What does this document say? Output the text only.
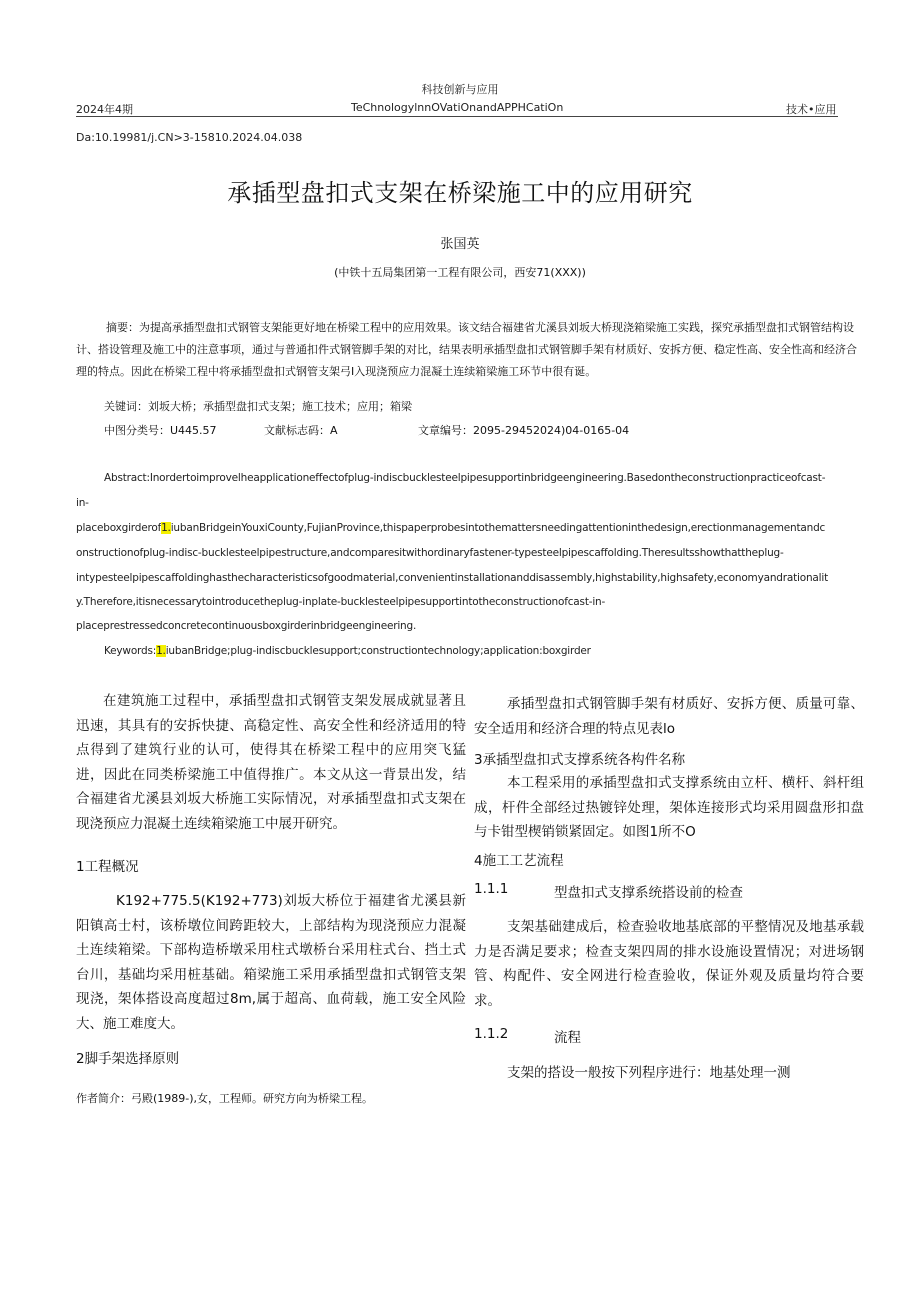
科技创新与应用
2024年4期	TeChnologylnnOVatiOnandAPPHCatiOn	技术•应用
Da:10.19981/j.CN>3-15810.2024.04.038
承插型盘扣式支架在桥梁施工中的应用研究
张国英
(中铁十五局集团第一工程有限公司，西安71(XXX))
摘要：为提高承插型盘扣式钢管支架能更好地在桥梁工程中的应用效果。该文结合福建省尤溪县刘坂大桥现浇箱梁施工实践，探究承插型盘扣式钢管结构设计、搭设管理及施工中的注意事项，通过与普通扣件式钢管脚手架的对比，结果表明承插型盘扣式钢管脚手架有材质好、安拆方便、稳定性高、安全性高和经济合理的特点。因此在桥梁工程中将承插型盘扣式钢管支架弓I入现浇预应力混凝土连续箱梁施工环节中很有诞。
关键词：刘坂大桥；承插型盘扣式支架；施工技术；应用；箱梁
中图分类号：U445.57	文献标志码：A	文章编号：2095-29452024)04-0165-04
Abstract:Inordertoimprovelheapplicationeffectofplug-indiscbucklesteelpipesupportinbridgeengineering.Basedontheconstructionpracticeofcast-
in-
placeboxgirderof1.iubanBridgeinYouxiCounty,FujianProvince,thispaperprobesintothemattersneedingattentioninthedesign,erectionmanagementandc
onstructionofplug-indisc-bucklesteelpipestructure,andcomparesitwithordinaryfastener-typesteelpipescaffolding.Theresultsshowthattheplug-
intypesteelpipescaffoldinghasthecharacteristicsofgoodmaterial,convenientinstallationanddisassembly,highstability,highsafety,economyandrationalit
y.Therefore,itisnecessarytointroducetheplug-inplate-bucklesteelpipesupportintotheconstructionofcast-in-
placeprestressedconcretecontinuousboxgirderinbridgeengineering.
Keywords:1.iubanBridge;plug-indiscbucklesupport;constructiontechnology;application:boxgirder
在建筑施工过程中，承插型盘扣式钢管支架发展成就显著且迅速，其具有的安拆快捷、高稳定性、高安全性和经济适用的特点得到了建筑行业的认可，使得其在桥梁工程中的应用突飞猛进，因此在同类桥梁施工中值得推广。本文从这一背景出发，结合福建省尤溪县刘坂大桥施工实际情况，对承插型盘扣式支架在现浇预应力混凝土连续箱梁施工中展开研究。
1工程概况
K192+775.5(K192+773)刘坂大桥位于福建省尤溪县新阳镇高士村，该桥墩位间跨距较大，上部结构为现浇预应力混凝土连续箱梁。下部构造桥墩采用柱式墩桥台采用柱式台、挡土式台川，基础均采用桩基础。箱梁施工采用承插型盘扣式钢管支架现浇，架体搭设高度超过8m,属于超高、血荷载，施工安全风险大、施工难度大。
2脚手架选择原则
作者简介：弓殿(1989-),女，工程师。研究方向为桥梁工程。
承插型盘扣式钢管脚手架有材质好、安拆方便、质量可靠、安全适用和经济合理的特点见表lo
3承插型盘扣式支撑系统各构件名称
本工程采用的承插型盘扣式支撑系统由立杆、横杆、斜杆组成，杆件全部经过热镀锌处理，架体连接形式均采用圆盘形扣盘与卡钳型楔销锁紧固定。如图1所不O
4施工工艺流程
1.1.1	型盘扣式支撑系统搭设前的检查
支架基础建成后，检查验收地基底部的平整情况及地基承载力是否满足要求；检查支架四周的排水设施设置情况；对进场钢管、构配件、安全网进行检查验收，保证外观及质量均符合要求。
1.1.2	流程
支架的搭设一般按下列程序进行：地基处理一测
